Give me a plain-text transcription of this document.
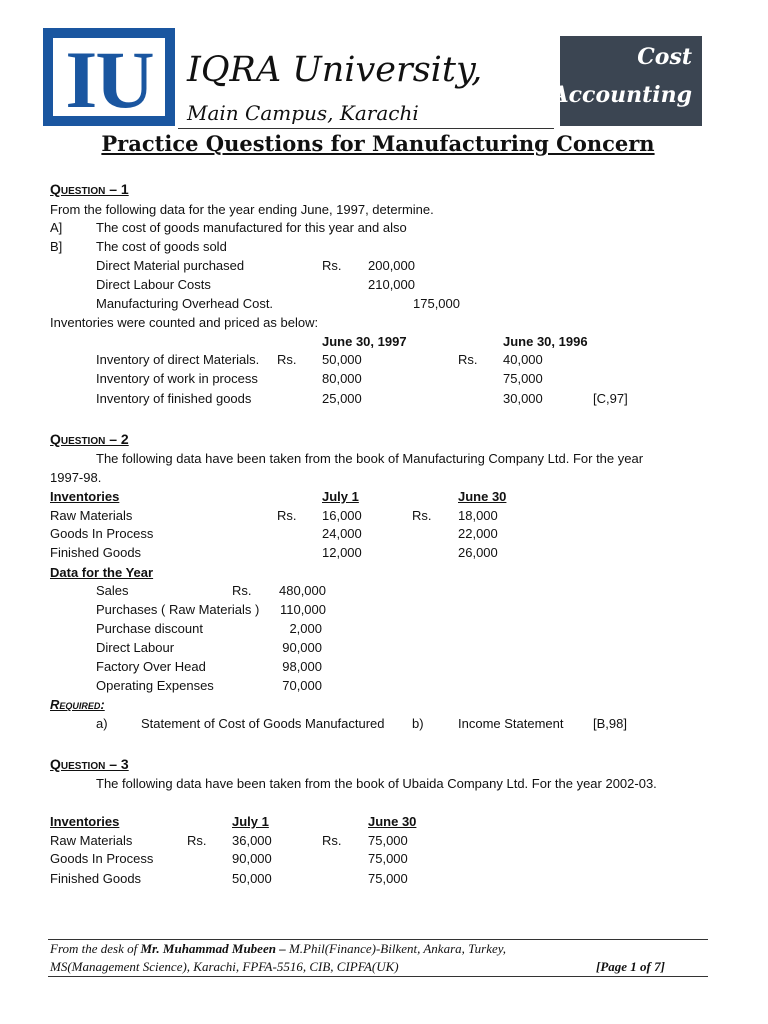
IU IQRA University,
Main Campus, Karachi
Cost
Accounting
Practice Questions for Manufacturing Concern
Question – 1
From the following data for the year ending June, 1997, determine.
A]	The cost of goods manufactured for this year and also
B]	The cost of goods sold
Direct Material purchased	Rs. 200,000
Direct Labour Costs	210,000
Manufacturing Overhead Cost.	175,000
Inventories were counted and priced as below:
June 30, 1997	June 30, 1996
Inventory of direct Materials. Rs. 50,000	Rs. 40,000
Inventory of work in process	80,000	75,000
Inventory of finished goods	25,000	30,000	[C,97]
Question – 2
The following data have been taken from the book of Manufacturing Company Ltd. For the year
1997-98.
Inventories	July 1	June 30
Raw Materials	Rs. 16,000	Rs. 18,000
Goods In Process	24,000	22,000
Finished Goods	12,000	26,000
Data for the Year
Sales	Rs.	480,000
Purchases ( Raw Materials )	110,000
Purchase discount	2,000
Direct Labour	90,000
Factory Over Head	98,000
Operating Expenses	70,000
Required:
a)	Statement of Cost of Goods Manufactured b)	Income Statement [B,98]
Question – 3
The following data have been taken from the book of Ubaida Company Ltd. For the year 2002-03.
Inventories	July 1	June 30
Raw Materials	Rs. 36,000	Rs. 75,000
Goods In Process	90,000	75,000
Finished Goods	50,000	75,000
From the desk of Mr. Muhammad Mubeen – M.Phil(Finance)-Bilkent, Ankara, Turkey,
MS(Management Science), Karachi, FPFA-5516, CIB, CIPFA(UK)	[Page 1 of 7]
